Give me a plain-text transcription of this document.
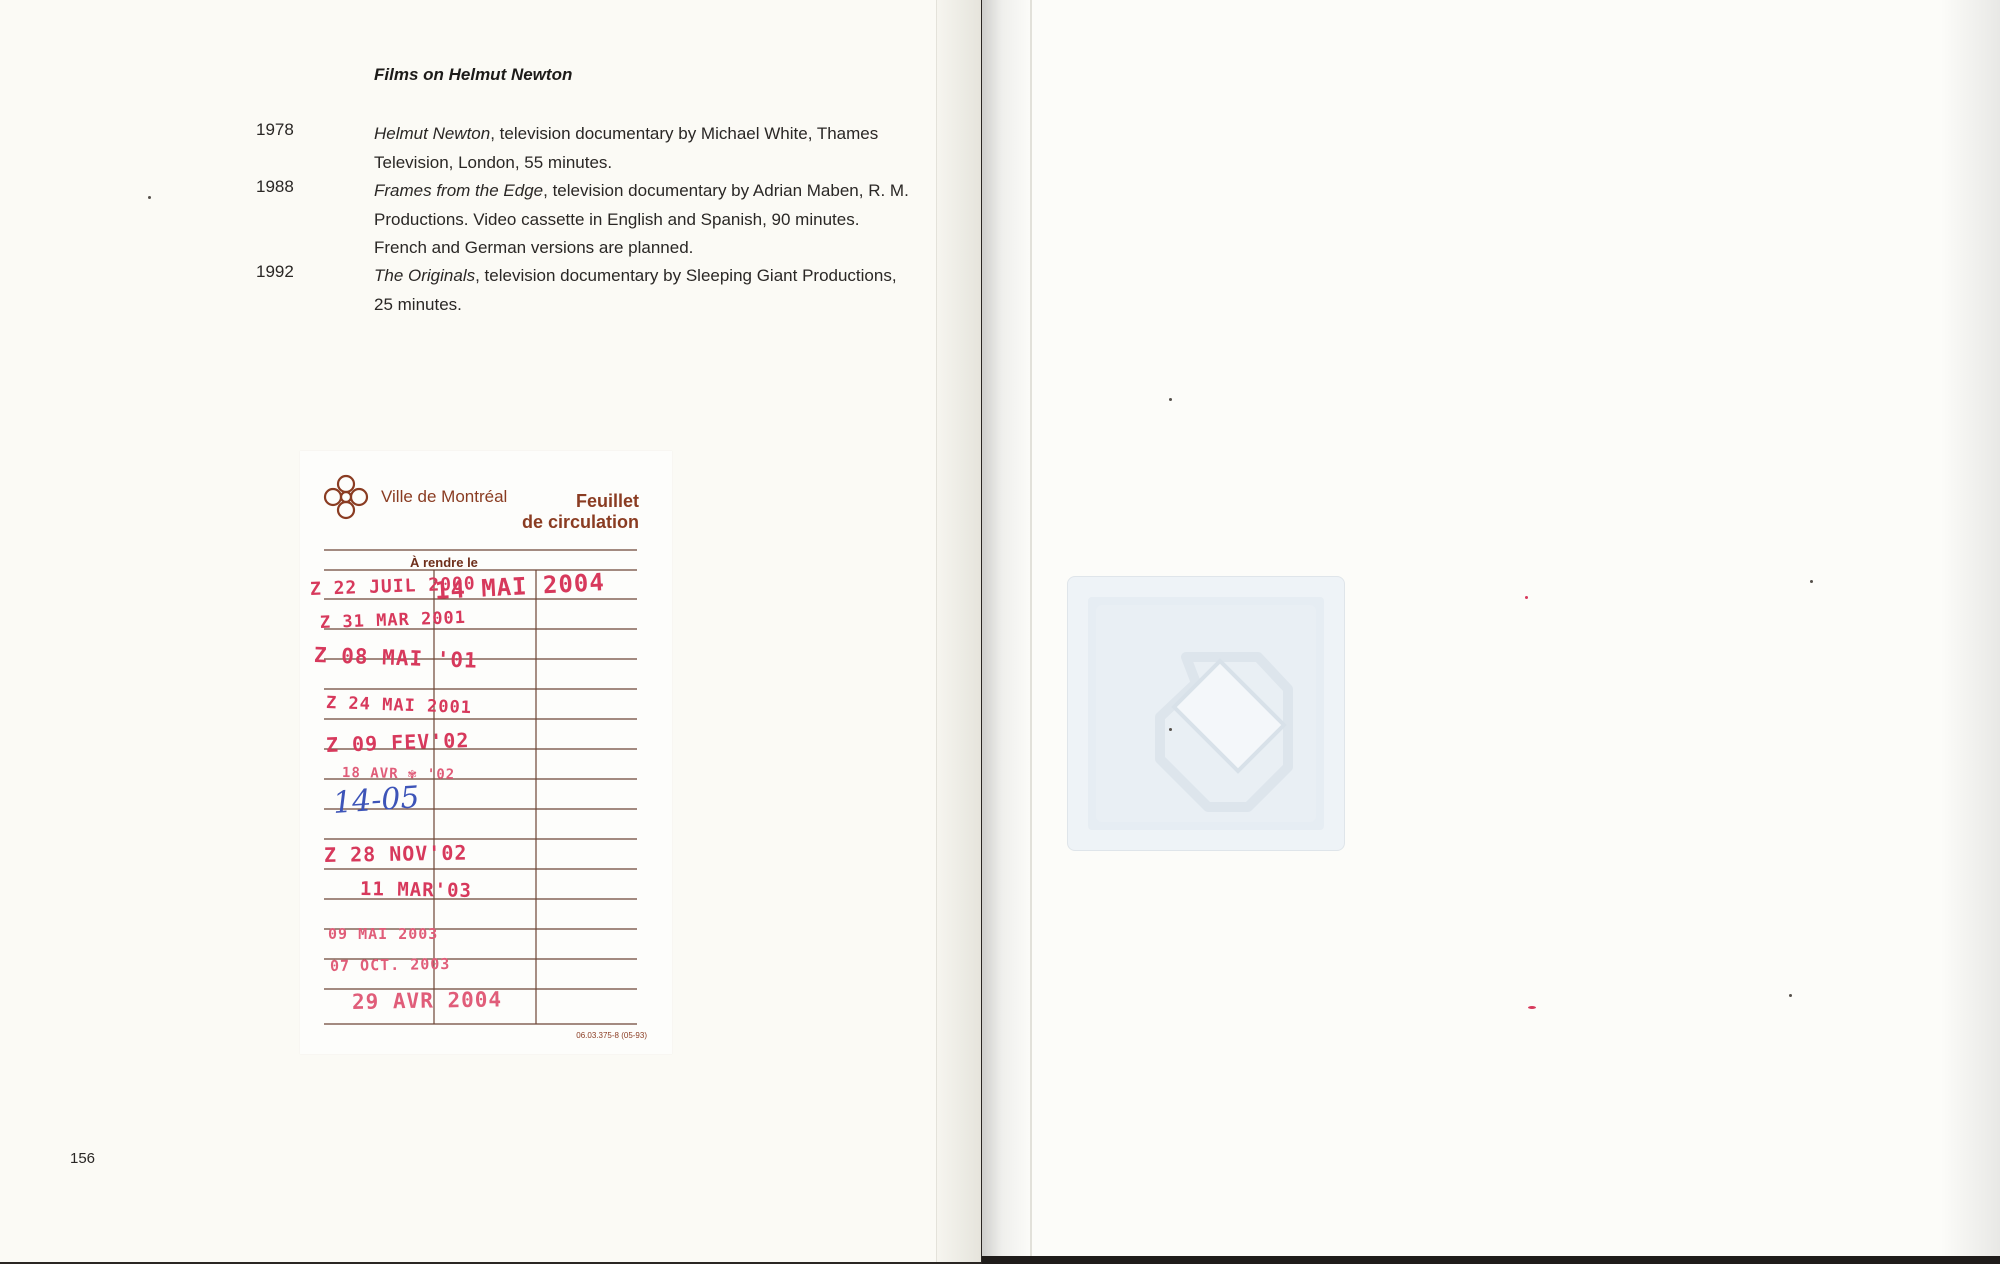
Films on Helmut Newton
1978	Helmut Newton, television documentary by Michael White, Thames Television, London, 55 minutes.
1988	Frames from the Edge, television documentary by Adrian Maben, R. M. Productions. Video cassette in English and Spanish, 90 minutes. French and German versions are planned.
1992	The Originals, television documentary by Sleeping Giant Productions, 25 minutes.
Ville de Montréal	Feuillet
de circulation
À rendre le
Z 22 JUIL 2000
14 MAI 2004
Z 31 MAR 2001
Z 08 MAI '01
Z 24 MAI 2001
Z 09 FEV'02
18 AVR ✾ '02
14-05
Z 28 NOV'02
11 MAR'03
09 MAI 2003
07 OCT. 2003
29 AVR 2004
06.03.375-8 (05-93)
156
